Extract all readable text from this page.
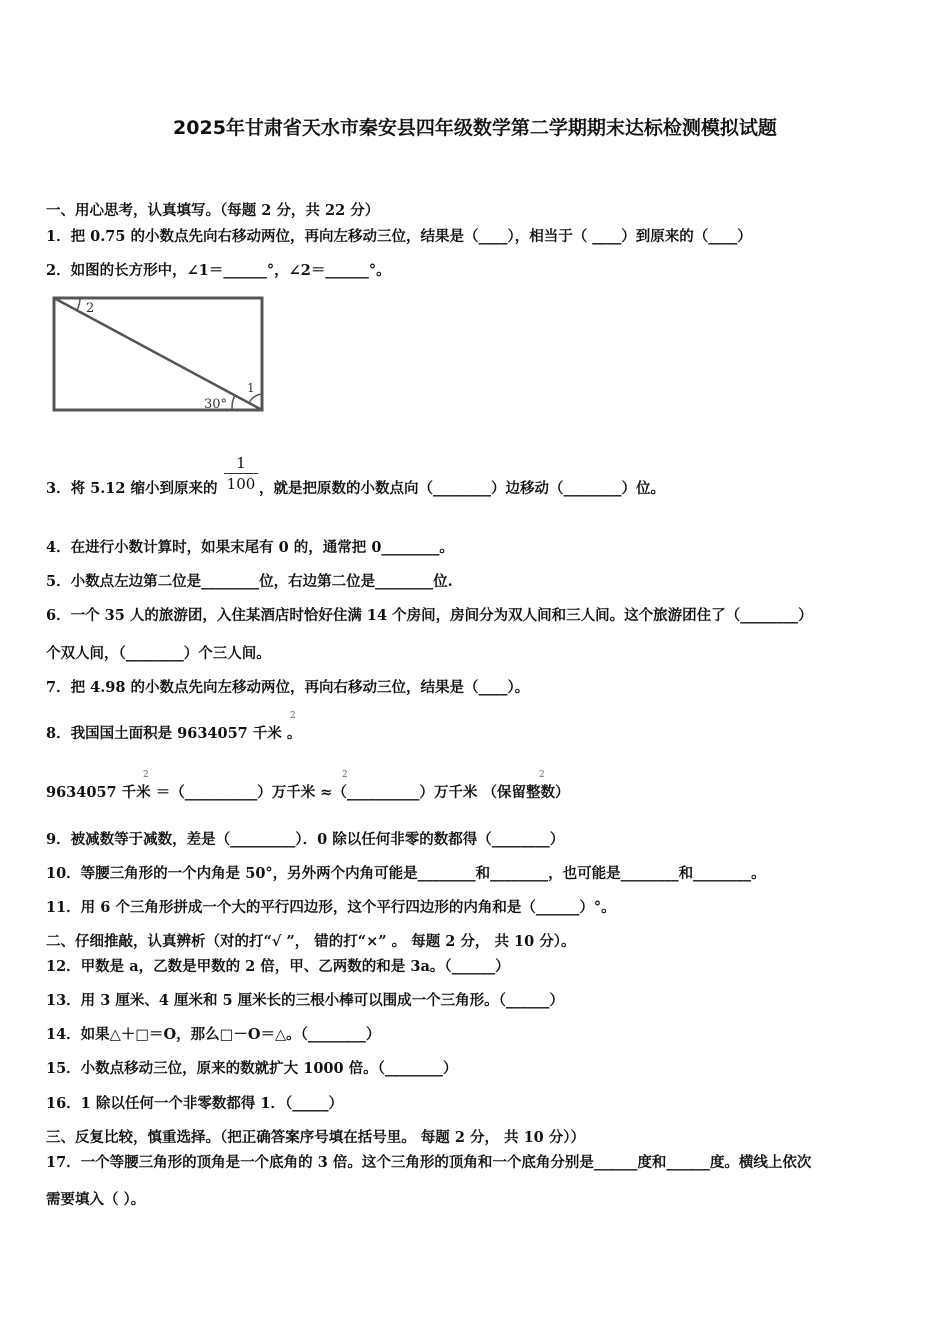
2025年甘肃省天水市秦安县四年级数学第二学期期末达标检测模拟试题
一、用心思考，认真填写。（每题 2 分，共 22 分）
1．把 0.75 的小数点先向右移动两位，再向左移动三位，结果是（____），相当于（ ____）到原来的（____）
2．如图的长方形中，∠1＝______°，∠2＝______°。
2
1
30°
3．将 5.12 缩小到原来的
1
100 ，就是把原数的小数点向（________）边移动（________）位。
4．在进行小数计算时，如果末尾有 0 的，通常把 0________。
5．小数点左边第二位是________位，右边第二位是________位.
6．一个 35 人的旅游团，入住某酒店时恰好住满 14 个房间，房间分为双人间和三人间。这个旅游团住了（________）
个双人间，（________）个三人间。
7．把 4.98 的小数点先向左移动两位，再向右移动三位，结果是（____）。
8．我国国土面积是 9634057 千米 。
2
9634057 千米 ＝（__________）万千米 ≈（__________）万千米 （保留整数）
2	2	2
9．被减数等于减数，差是（_________）．0 除以任何非零的数都得（________）
10．等腰三角形的一个内角是 50°，另外两个内角可能是________和________，也可能是________和________。
11．用 6 个三角形拼成一个大的平行四边形，这个平行四边形的内角和是（______）°。
二、仔细推敲，认真辨析（对的打“√ ”， 错的打“×” 。 每题 2 分， 共 10 分）。
12．甲数是 a，乙数是甲数的 2 倍，甲、乙两数的和是 3a。（______）
13．用 3 厘米、4 厘米和 5 厘米长的三根小棒可以围成一个三角形。（______）
14．如果△＋□＝O，那么□－O＝△。（________）
15．小数点移动三位，原来的数就扩大 1000 倍。（________）
16．1 除以任何一个非零数都得 1．（_____）
三、反复比较，慎重选择。（把正确答案序号填在括号里。 每题 2 分， 共 10 分））
17．一个等腰三角形的顶角是一个底角的 3 倍。这个三角形的顶角和一个底角分别是______度和______度。横线上依次
需要填入（ ）。
